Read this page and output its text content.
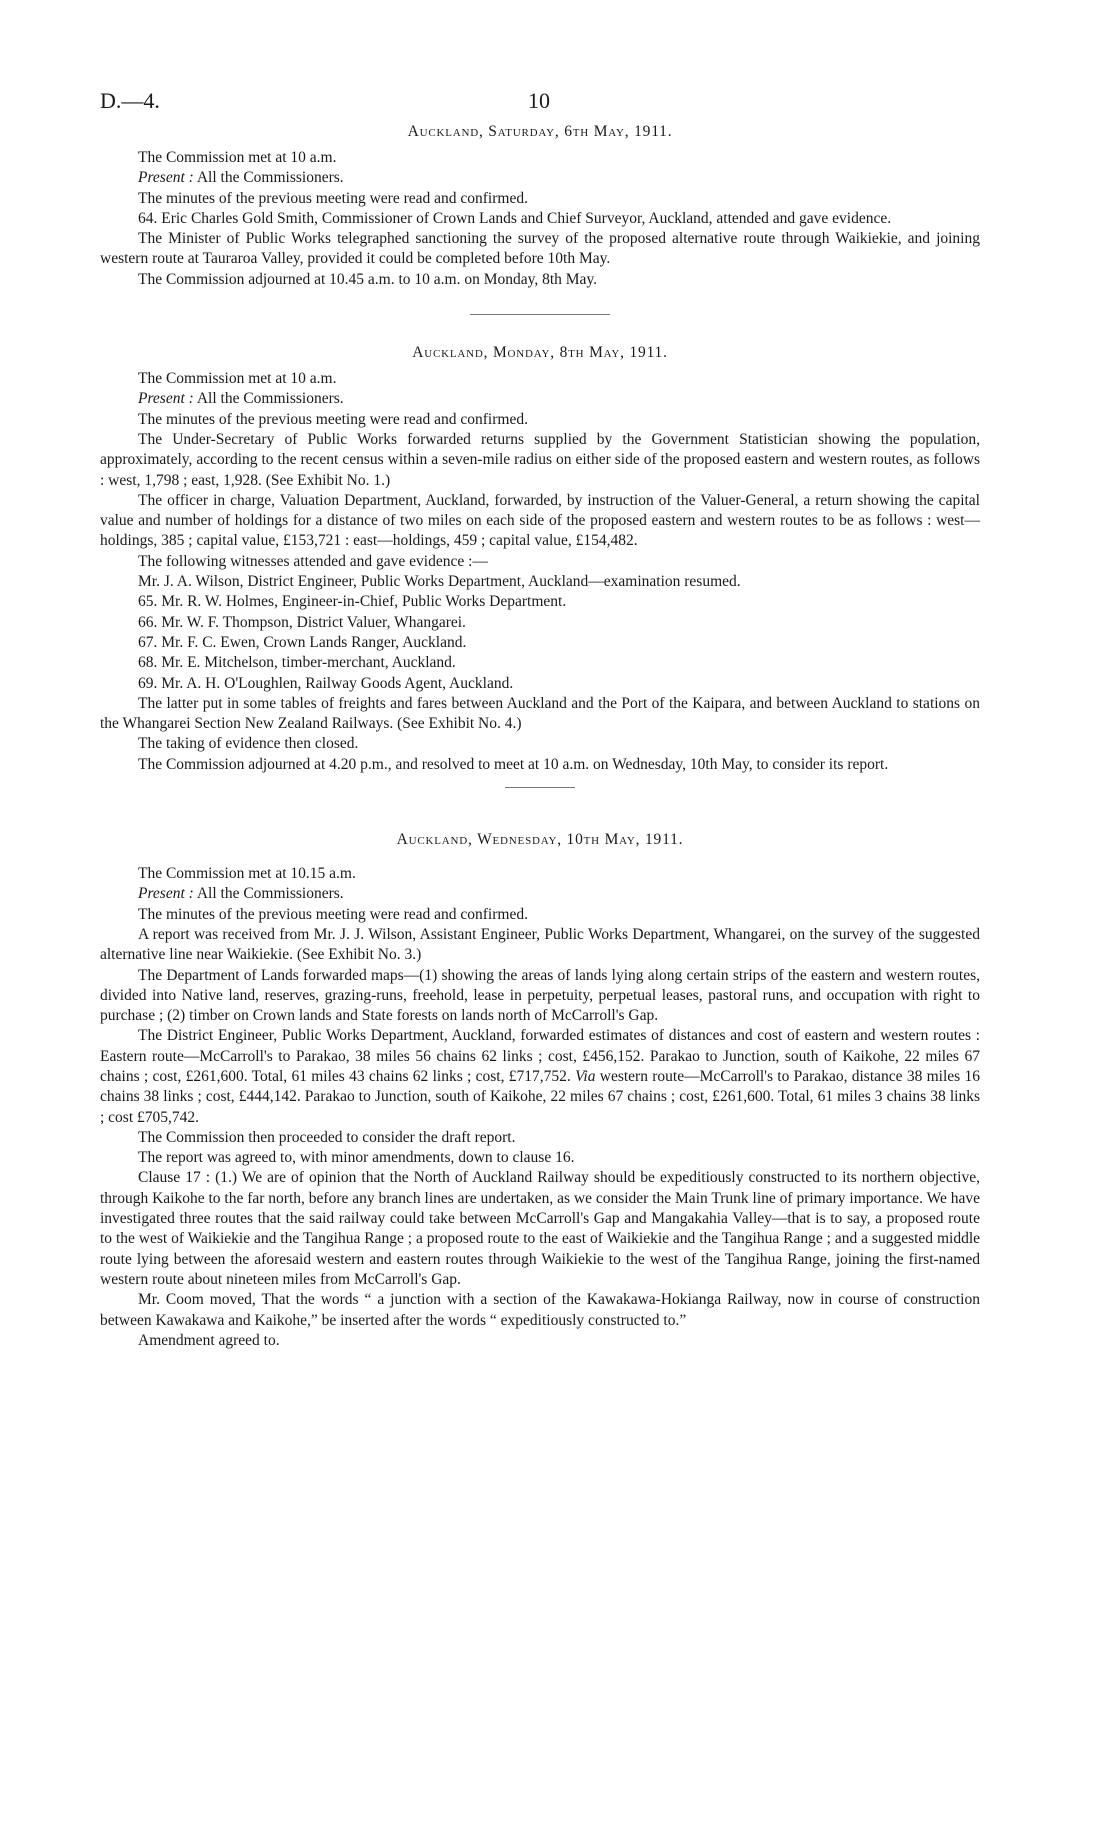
D.—4.	10
Auckland, Saturday, 6th May, 1911.

The Commission met at 10 a.m.

Present : All the Commissioners.

The minutes of the previous meeting were read and confirmed.

64. Eric Charles Gold Smith, Commissioner of Crown Lands and Chief Surveyor, Auckland, attended and gave evidence.

The Minister of Public Works telegraphed sanctioning the survey of the proposed alternative route through Waikiekie, and joining western route at Tauraroa Valley, provided it could be completed before 10th May.

The Commission adjourned at 10.45 a.m. to 10 a.m. on Monday, 8th May.

Auckland, Monday, 8th May, 1911.

The Commission met at 10 a.m.

Present : All the Commissioners.

The minutes of the previous meeting were read and confirmed.

The Under-Secretary of Public Works forwarded returns supplied by the Government Statistician showing the population, approximately, according to the recent census within a seven-mile radius on either side of the proposed eastern and western routes, as follows : west, 1,798 ; east, 1,928. (See Exhibit No. 1.)

The officer in charge, Valuation Department, Auckland, forwarded, by instruction of the Valuer-General, a return showing the capital value and number of holdings for a distance of two miles on each side of the proposed eastern and western routes to be as follows : west—holdings, 385 ; capital value, £153,721 : east—holdings, 459 ; capital value, £154,482.

The following witnesses attended and gave evidence :—

Mr. J. A. Wilson, District Engineer, Public Works Department, Auckland—examination resumed.

65. Mr. R. W. Holmes, Engineer-in-Chief, Public Works Department.

66. Mr. W. F. Thompson, District Valuer, Whangarei.

67. Mr. F. C. Ewen, Crown Lands Ranger, Auckland.

68. Mr. E. Mitchelson, timber-merchant, Auckland.

69. Mr. A. H. O'Loughlen, Railway Goods Agent, Auckland.

The latter put in some tables of freights and fares between Auckland and the Port of the Kaipara, and between Auckland to stations on the Whangarei Section New Zealand Railways. (See Exhibit No. 4.)

The taking of evidence then closed.

The Commission adjourned at 4.20 p.m., and resolved to meet at 10 a.m. on Wednesday, 10th May, to consider its report.

Auckland, Wednesday, 10th May, 1911.

The Commission met at 10.15 a.m.

Present : All the Commissioners.

The minutes of the previous meeting were read and confirmed.

A report was received from Mr. J. J. Wilson, Assistant Engineer, Public Works Department, Whangarei, on the survey of the suggested alternative line near Waikiekie. (See Exhibit No. 3.)

The Department of Lands forwarded maps—(1) showing the areas of lands lying along certain strips of the eastern and western routes, divided into Native land, reserves, grazing-runs, freehold, lease in perpetuity, perpetual leases, pastoral runs, and occupation with right to purchase ; (2) timber on Crown lands and State forests on lands north of McCarroll's Gap.

The District Engineer, Public Works Department, Auckland, forwarded estimates of distances and cost of eastern and western routes : Eastern route—McCarroll's to Parakao, 38 miles 56 chains 62 links ; cost, £456,152. Parakao to Junction, south of Kaikohe, 22 miles 67 chains ; cost, £261,600. Total, 61 miles 43 chains 62 links ; cost, £717,752. Via western route—McCarroll's to Parakao, distance 38 miles 16 chains 38 links ; cost, £444,142. Parakao to Junction, south of Kaikohe, 22 miles 67 chains ; cost, £261,600. Total, 61 miles 3 chains 38 links ; cost £705,742.

The Commission then proceeded to consider the draft report.

The report was agreed to, with minor amendments, down to clause 16.

Clause 17 : (1.) We are of opinion that the North of Auckland Railway should be expeditiously constructed to its northern objective, through Kaikohe to the far north, before any branch lines are undertaken, as we consider the Main Trunk line of primary importance. We have investigated three routes that the said railway could take between McCarroll's Gap and Mangakahia Valley—that is to say, a proposed route to the west of Waikiekie and the Tangihua Range ; a proposed route to the east of Waikiekie and the Tangihua Range ; and a suggested middle route lying between the aforesaid western and eastern routes through Waikiekie to the west of the Tangihua Range, joining the first-named western route about nineteen miles from McCarroll's Gap.

Mr. Coom moved, That the words “ a junction with a section of the Kawakawa-Hokianga Railway, now in course of construction between Kawakawa and Kaikohe,” be inserted after the words “ expeditiously constructed to.”

Amendment agreed to.
